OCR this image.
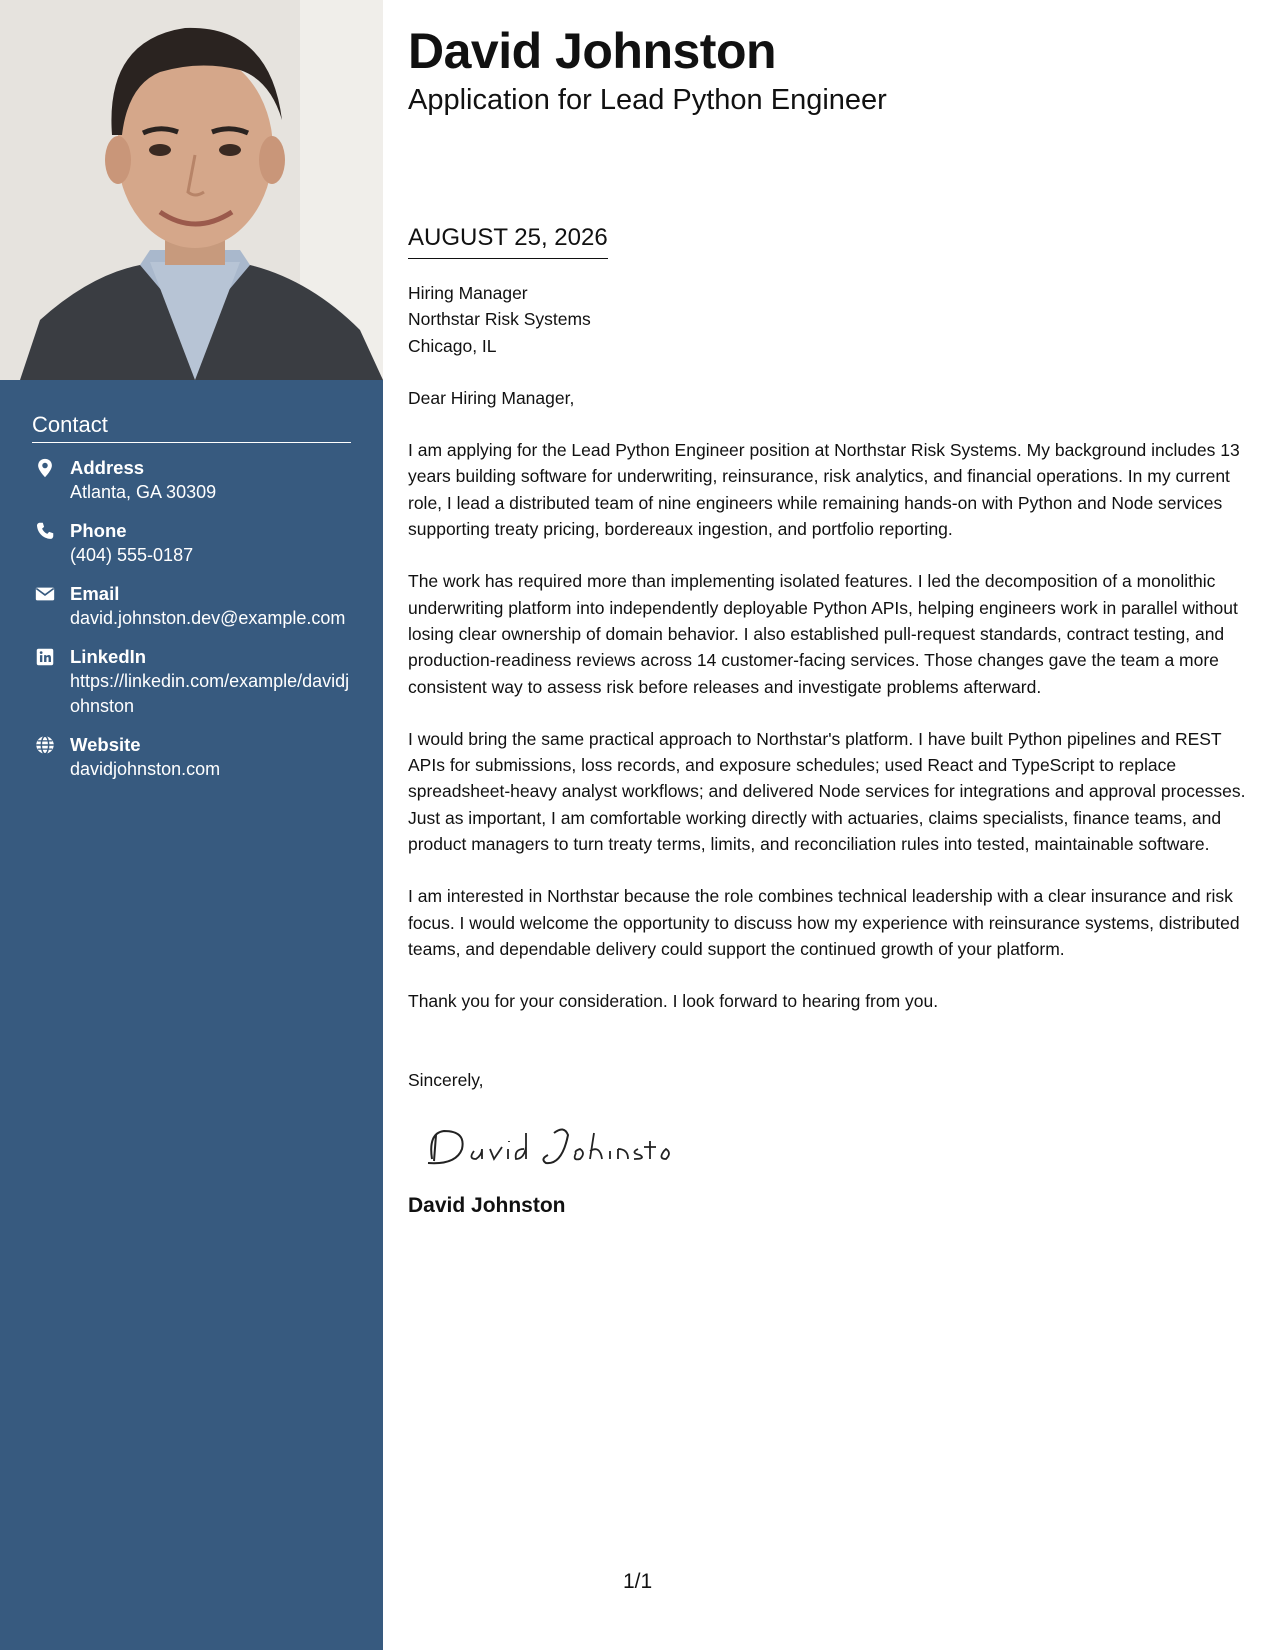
Contact
Address
Atlanta, GA 30309
Phone
(404) 555-0187
Email
david.johnston.dev@example.com
LinkedIn
https://linkedin.com/example/davidjohnston
Website
davidjohnston.com
David Johnston
Application for Lead Python Engineer
AUGUST 25, 2026

Hiring Manager

Northstar Risk Systems

Chicago, IL

Dear Hiring Manager,

I am applying for the Lead Python Engineer position at Northstar Risk Systems. My background includes 13 years building software for underwriting, reinsurance, risk analytics, and financial operations. In my current role, I lead a distributed team of nine engineers while remaining hands-on with Python and Node services supporting treaty pricing, bordereaux ingestion, and portfolio reporting.

The work has required more than implementing isolated features. I led the decomposition of a monolithic underwriting platform into independently deployable Python APIs, helping engineers work in parallel without losing clear ownership of domain behavior. I also established pull-request standards, contract testing, and production-readiness reviews across 14 customer-facing services. Those changes gave the team a more consistent way to assess risk before releases and investigate problems afterward.

I would bring the same practical approach to Northstar's platform. I have built Python pipelines and REST APIs for submissions, loss records, and exposure schedules; used React and TypeScript to replace spreadsheet-heavy analyst workflows; and delivered Node services for integrations and approval processes. Just as important, I am comfortable working directly with actuaries, claims specialists, finance teams, and product managers to turn treaty terms, limits, and reconciliation rules into tested, maintainable software.

I am interested in Northstar because the role combines technical leadership with a clear insurance and risk focus. I would welcome the opportunity to discuss how my experience with reinsurance systems, distributed teams, and dependable delivery could support the continued growth of your platform.

Thank you for your consideration. I look forward to hearing from you.

Sincerely,

David Johnston
1/1
